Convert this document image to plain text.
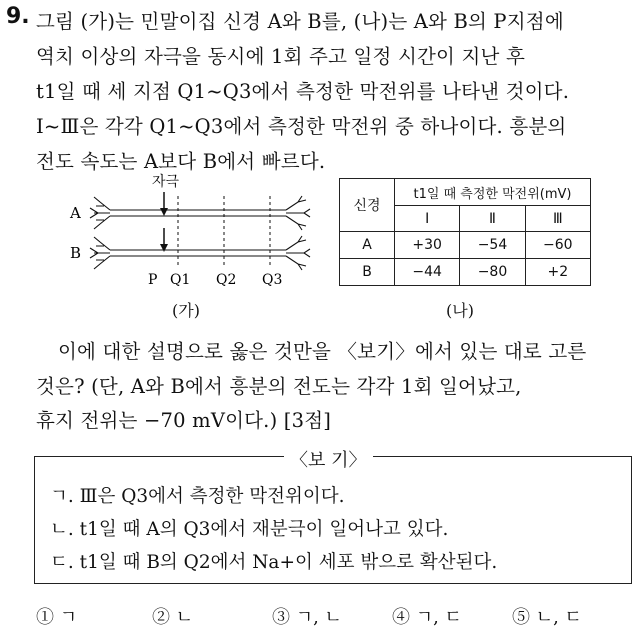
9. 그림 (가)는 민말이집 신경 A와 B를, (나)는 A와 B의 P지점에
역치 이상의 자극을 동시에 1회 주고 일정 시간이 지난 후
t1일 때 세 지점 Q1~Q3에서 측정한 막전위를 나타낸 것이다.
Ⅰ~Ⅲ은 각각 Q1~Q3에서 측정한 막전위 중 하나이다. 흥분의
전도 속도는 A보다 B에서 빠르다.
자극
A
B
P Q1 Q2 Q3
(가)
신경	t1일 때 측정한 막전위(mV)		
	Ⅰ	Ⅱ	Ⅲ
A	+30	−54	−60
B	−44	−80	+2
(나)
이에 대한 설명으로 옳은 것만을 〈보기〉에서 있는 대로 고른
것은? (단, A와 B에서 흥분의 전도는 각각 1회 일어났고,
휴지 전위는 −70 mV이다.) [3점]
〈보 기〉
ㄱ. Ⅲ은 Q3에서 측정한 막전위이다.
ㄴ. t1일 때 A의 Q3에서 재분극이 일어나고 있다.
ㄷ. t1일 때 B의 Q2에서 Na+이 세포 밖으로 확산된다.
① ㄱ	② ㄴ	③ ㄱ, ㄴ	④ ㄱ, ㄷ	⑤ ㄴ, ㄷ
